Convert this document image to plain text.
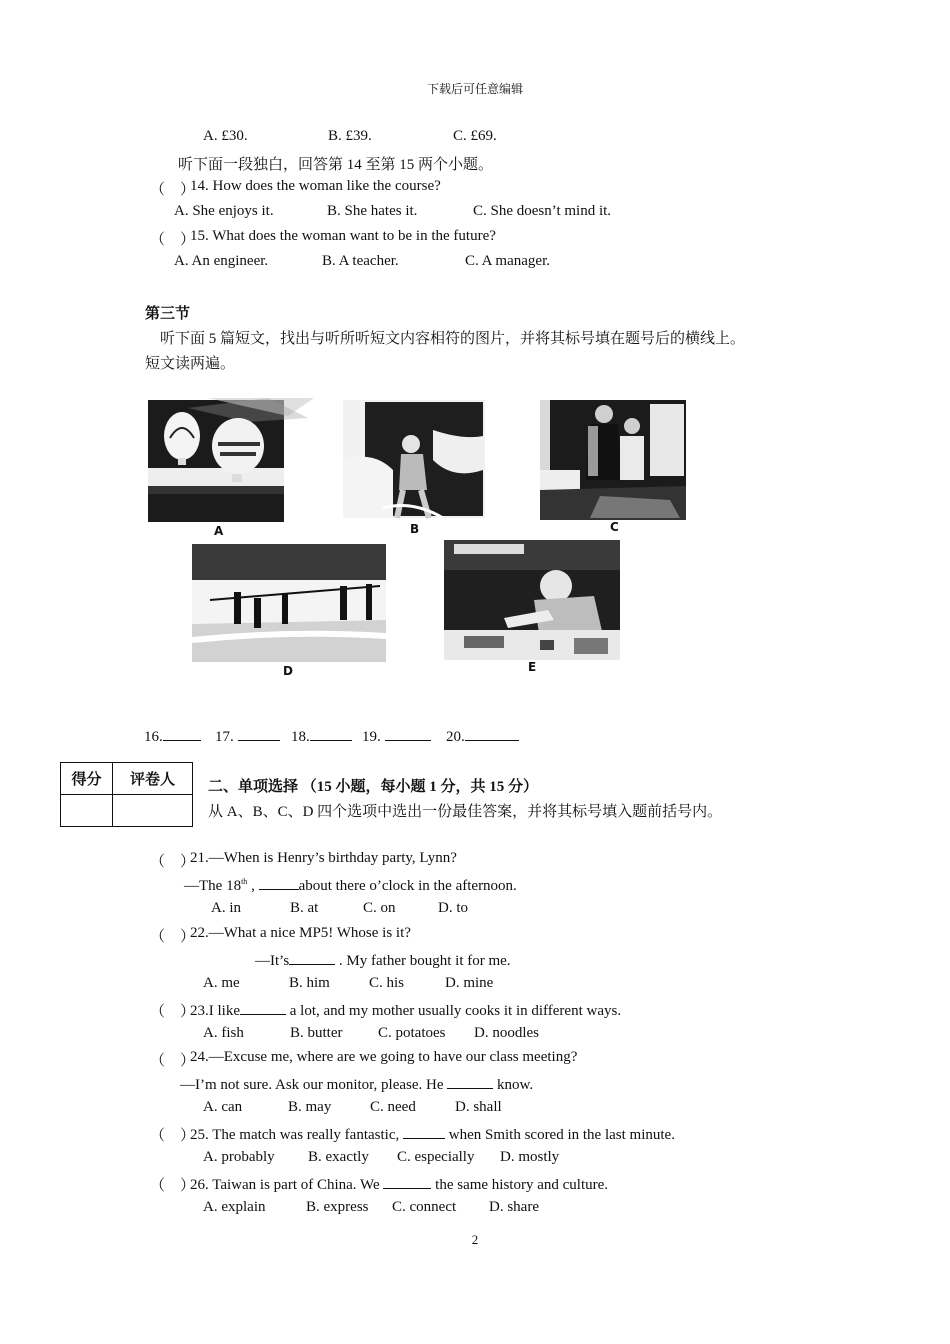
下载后可任意编辑
A. £30.	B. £39.	C. £69.
听下面一段独白，回答第 14 至第 15 两个小题。
（　）
14. How does the woman like the course?
A. She enjoys it.	B. She hates it.	C. She doesn’t mind it.
（　）
15. What does the woman want to be in the future?
A. An engineer.	B. A teacher.	C. A manager.
第三节
听下面 5 篇短文，找出与听所听短文内容相符的图片，并将其标号填在题号后的横线上。
短文读两遍。
A	B	C
D	E
16.	17.	18.	19.	20.
得分	评卷人
	二、单项选择 （15 小题，每小题 1 分，共 15 分）
从 A、B、C、D 四个选项中选出一份最佳答案，并将其标号填入题前括号内。
（　）
21.—When is Henry’s birthday party, Lynn?
—The 18th ,	about there o’clock in the afternoon.
A. in	B. at	C. on	D. to
（　）
22.—What a nice MP5! Whose is it?
—It’s	. My father bought it for me.
A. me	B. him	C. his	D. mine
（　）
23.I like	a lot, and my mother usually cooks it in different ways.
A. fish	B. butter C. potatoes D. noodles
（　）
24.—Excuse me, where are we going to have our class meeting?
—I’m not sure. Ask our monitor, please. He	know.
A. can	B. may	C. need	D. shall
（　）
25. The match was really fantastic,	when Smith scored in the last minute.
A. probably B. exactly C. especially D. mostly
（　）
26. Taiwan is part of China. We	the same history and culture.
A. explain	B. express C. connect D. share
2
